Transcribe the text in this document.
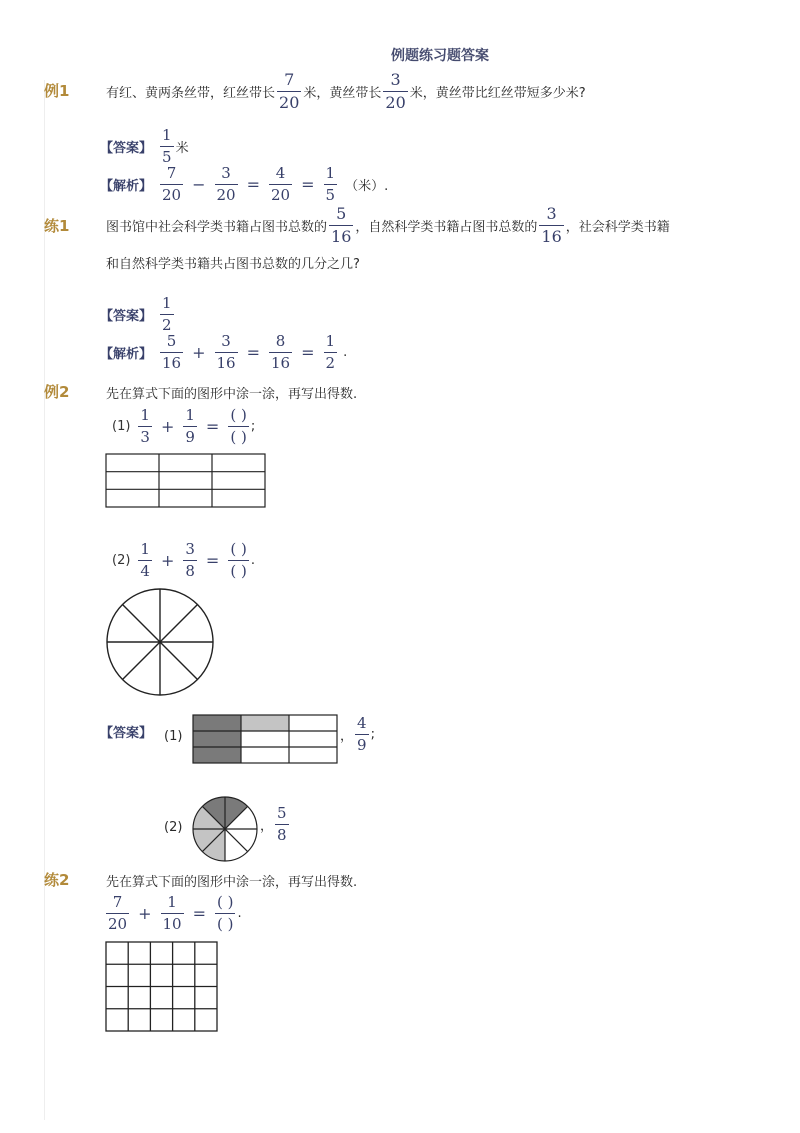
例题练习题答案
例1	有红、黄两条丝带，红丝带长 $\frac{7}{20}$ 米，黄丝带长 $\frac{3}{20}$ 米，黄丝带比红丝带短多少米?
【答案】 $\frac{1}{5}$ 米
【解析】 $\frac{7}{20} - \frac{3}{20} = \frac{4}{20} = \frac{1}{5}$ （米）.
练1	图书馆中社会科学类书籍占图书总数的 $\frac{5}{16}$ ，自然科学类书籍占图书总数的 $\frac{3}{16}$ ，社会科学类书籍
和自然科学类书籍共占图书总数的几分之几?
【答案】 $\frac{1}{2}$
【解析】 $\frac{5}{16} + \frac{3}{16} = \frac{8}{16} = \frac{1}{2}$ .
例2	先在算式下面的图形中涂一涂，再写出得数.
$(1) \frac{1}{3} + \frac{1}{9} = \frac{( )}{( )}$ ;
$(2) \frac{1}{4} + \frac{3}{8} = \frac{( )}{( )}$ .
【答案】 (1)	， $\frac{4}{9}$ ;
(2)	， $\frac{5}{8}$
练2	先在算式下面的图形中涂一涂，再写出得数.
$\frac{7}{20} + \frac{1}{10} = \frac{( )}{( )}$ .
